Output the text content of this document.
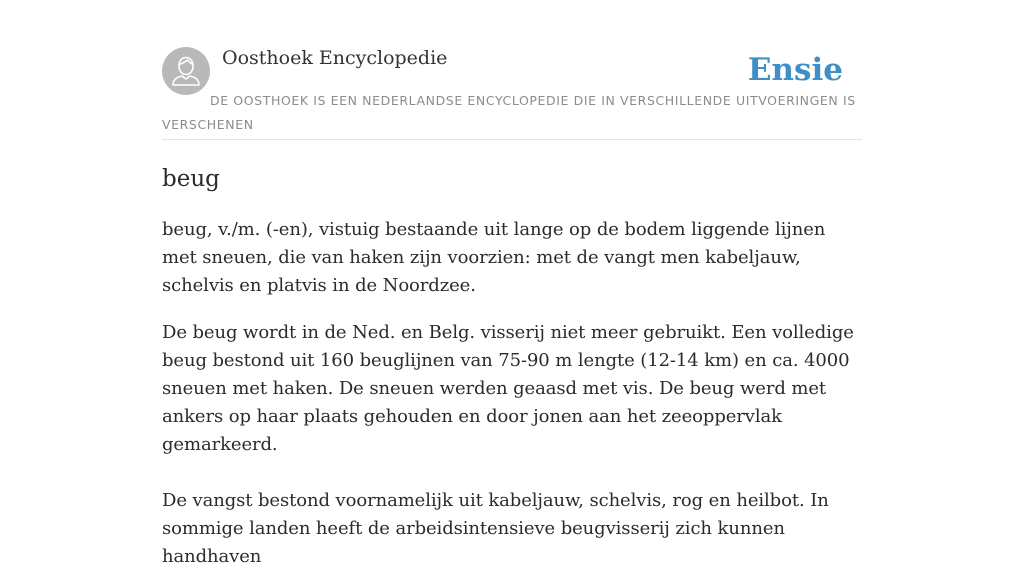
Oosthoek Encyclopedie	Ensie
DE OOSTHOEK IS EEN NEDERLANDSE ENCYCLOPEDIE DIE IN VERSCHILLENDE UITVOERINGEN IS VERSCHENEN
beug

beug, v./m. (-en), vistuig bestaande uit lange op de bodem liggende lijnen met sneuen, die van haken zijn voorzien: met de vangt men kabeljauw, schelvis en platvis in de Noordzee.

De beug wordt in de Ned. en Belg. visserij niet meer gebruikt. Een volledige beug bestond uit 160 beuglijnen van 75-90 m lengte (12-14 km) en ca. 4000 sneuen met haken. De sneuen werden geaasd met vis. De beug werd met ankers op haar plaats gehouden en door jonen aan het zeeoppervlak gemarkeerd.

De vangst bestond voornamelijk uit kabeljauw, schelvis, rog en heilbot. In sommige landen heeft de arbeidsintensieve beugvisserij zich kunnen handhaven
